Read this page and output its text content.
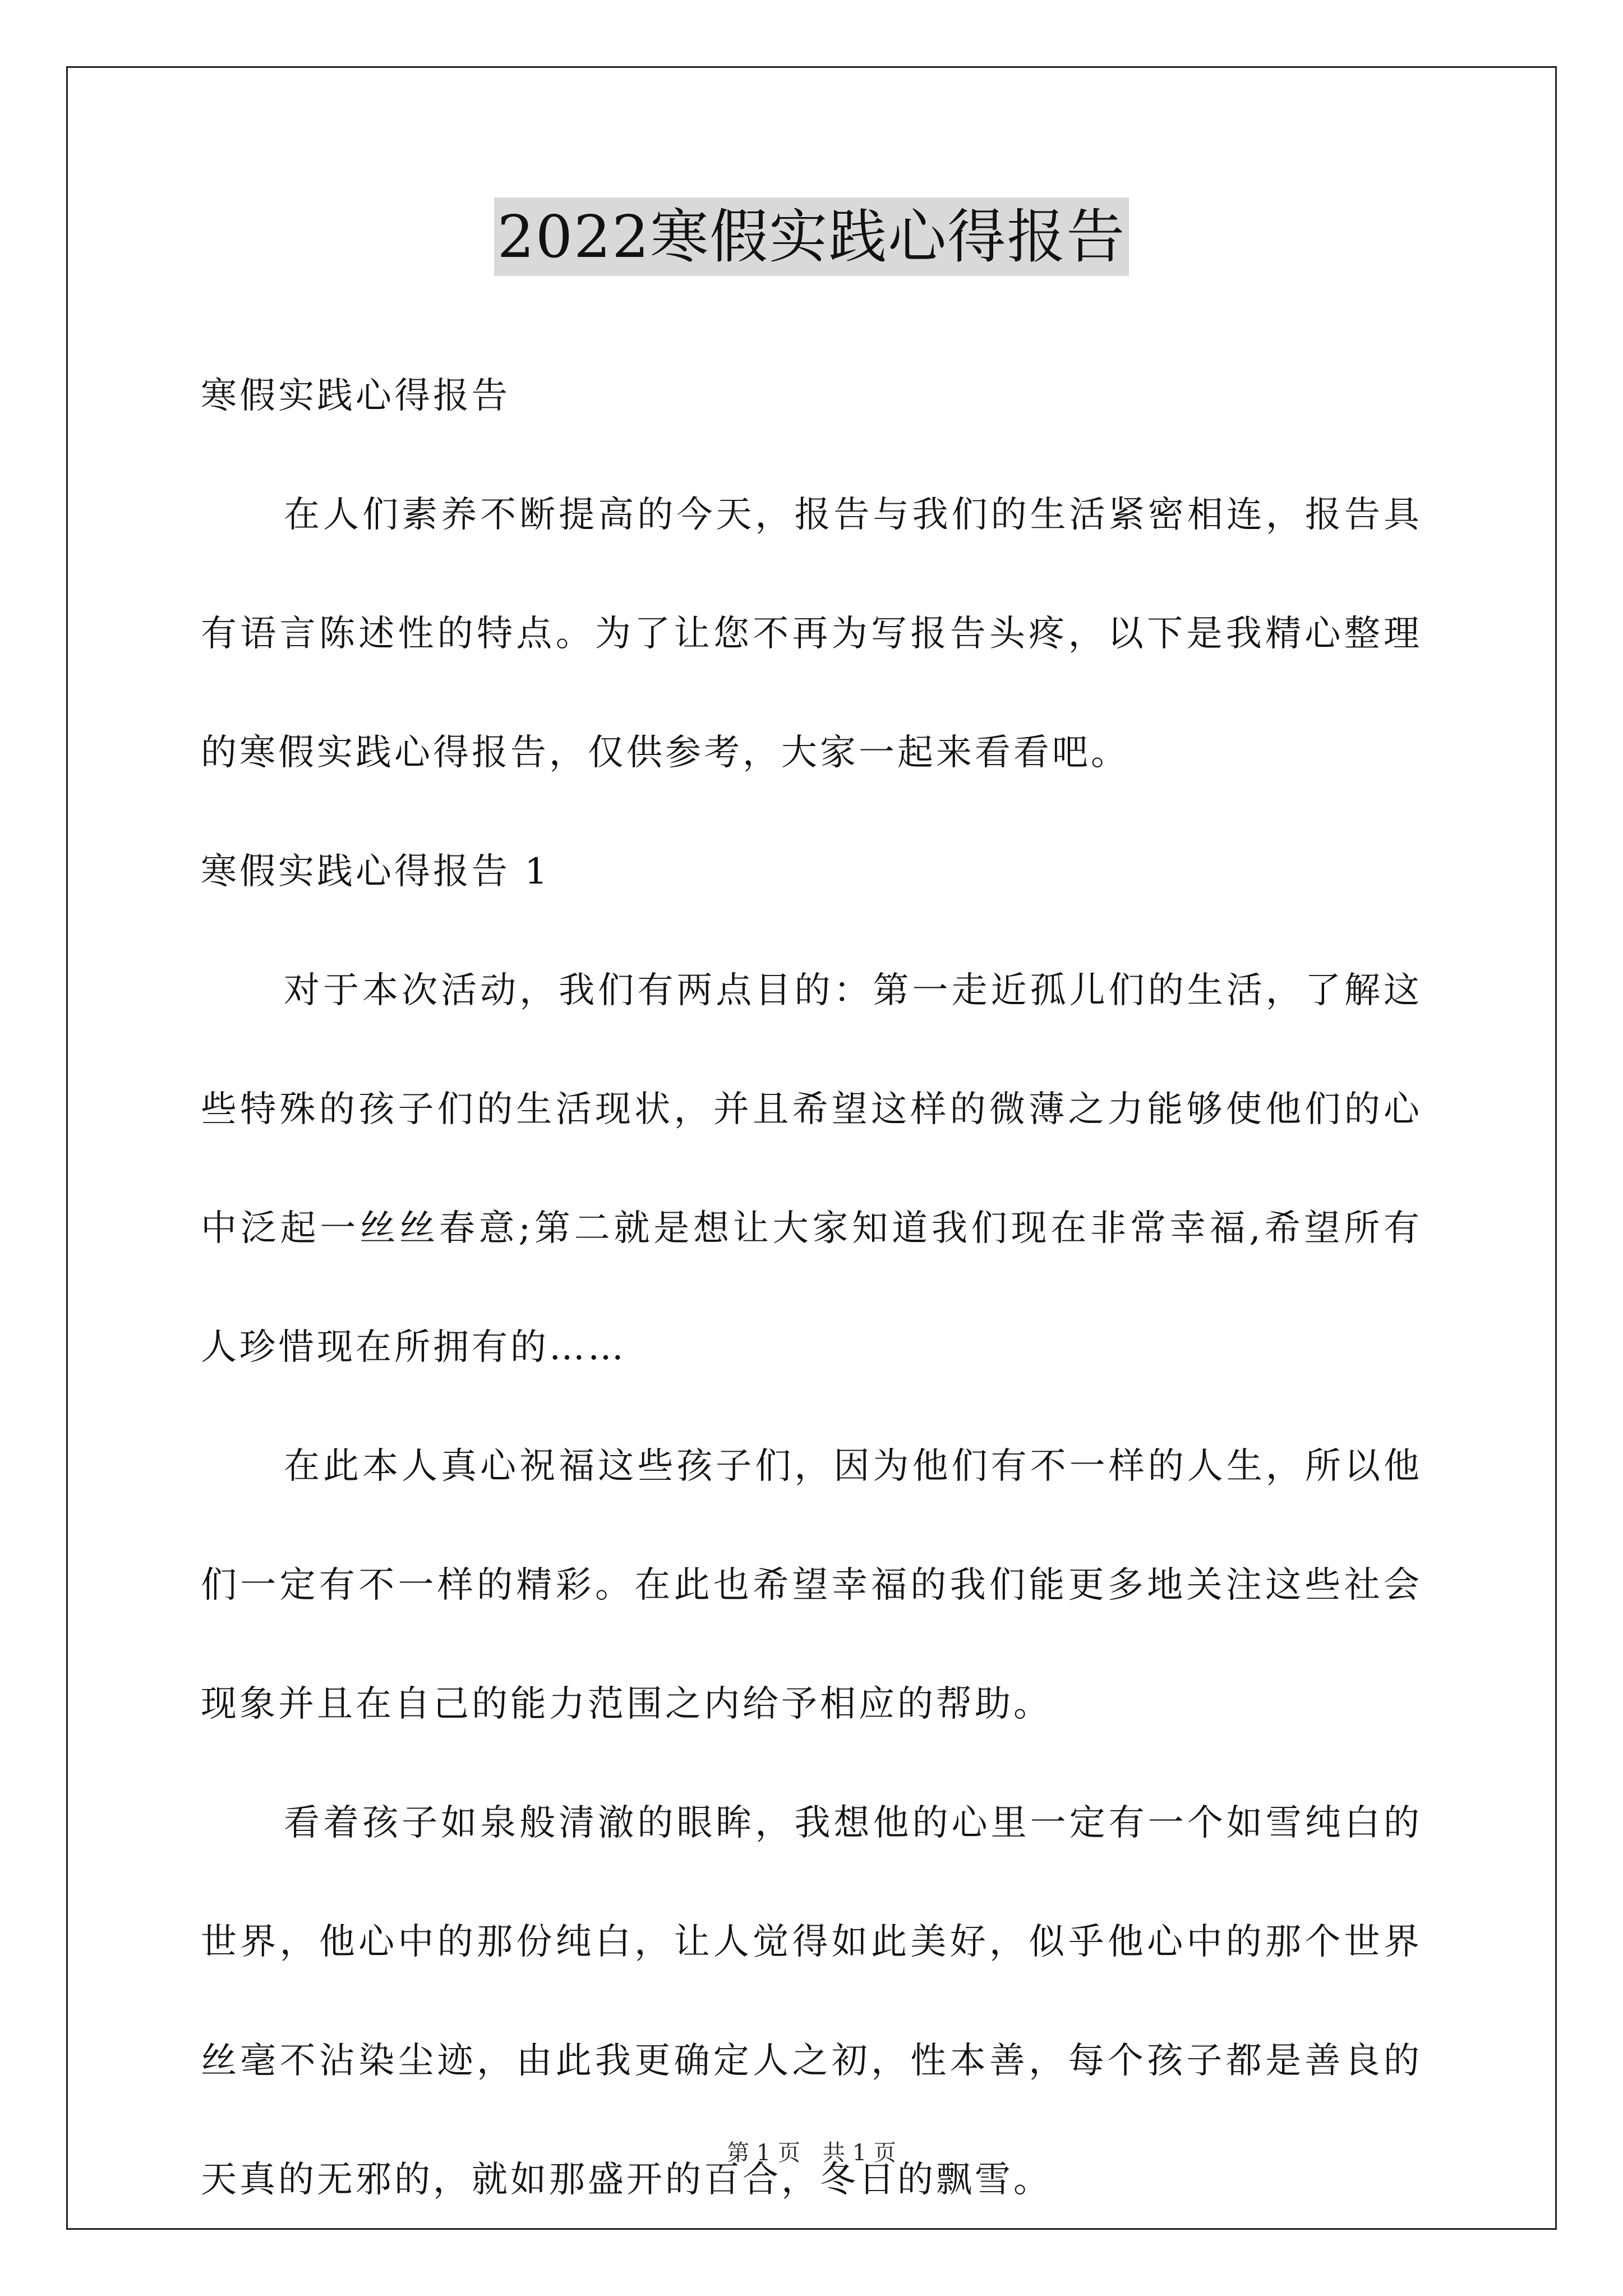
2022寒假实践心得报告

寒假实践心得报告

在人们素养不断提高的今天，报告与我们的生活紧密相连，报告具有语言陈述性的特点。为了让您不再为写报告头疼，以下是我精心整理的寒假实践心得报告，仅供参考，大家一起来看看吧。

寒假实践心得报告 1

对于本次活动，我们有两点目的：第一走近孤儿们的生活，了解这些特殊的孩子们的生活现状，并且希望这样的微薄之力能够使他们的心中泛起一丝丝春意;第二就是想让大家知道我们现在非常幸福,希望所有人珍惜现在所拥有的……

在此本人真心祝福这些孩子们，因为他们有不一样的人生，所以他们一定有不一样的精彩。在此也希望幸福的我们能更多地关注这些社会现象并且在自己的能力范围之内给予相应的帮助。

看着孩子如泉般清澈的眼眸，我想他的心里一定有一个如雪纯白的世界，他心中的那份纯白，让人觉得如此美好，似乎他心中的那个世界丝毫不沾染尘迹，由此我更确定人之初，性本善，每个孩子都是善良的天真的无邪的，就如那盛开的百合，冬日的飘雪。

第 1 页　共 1 页
